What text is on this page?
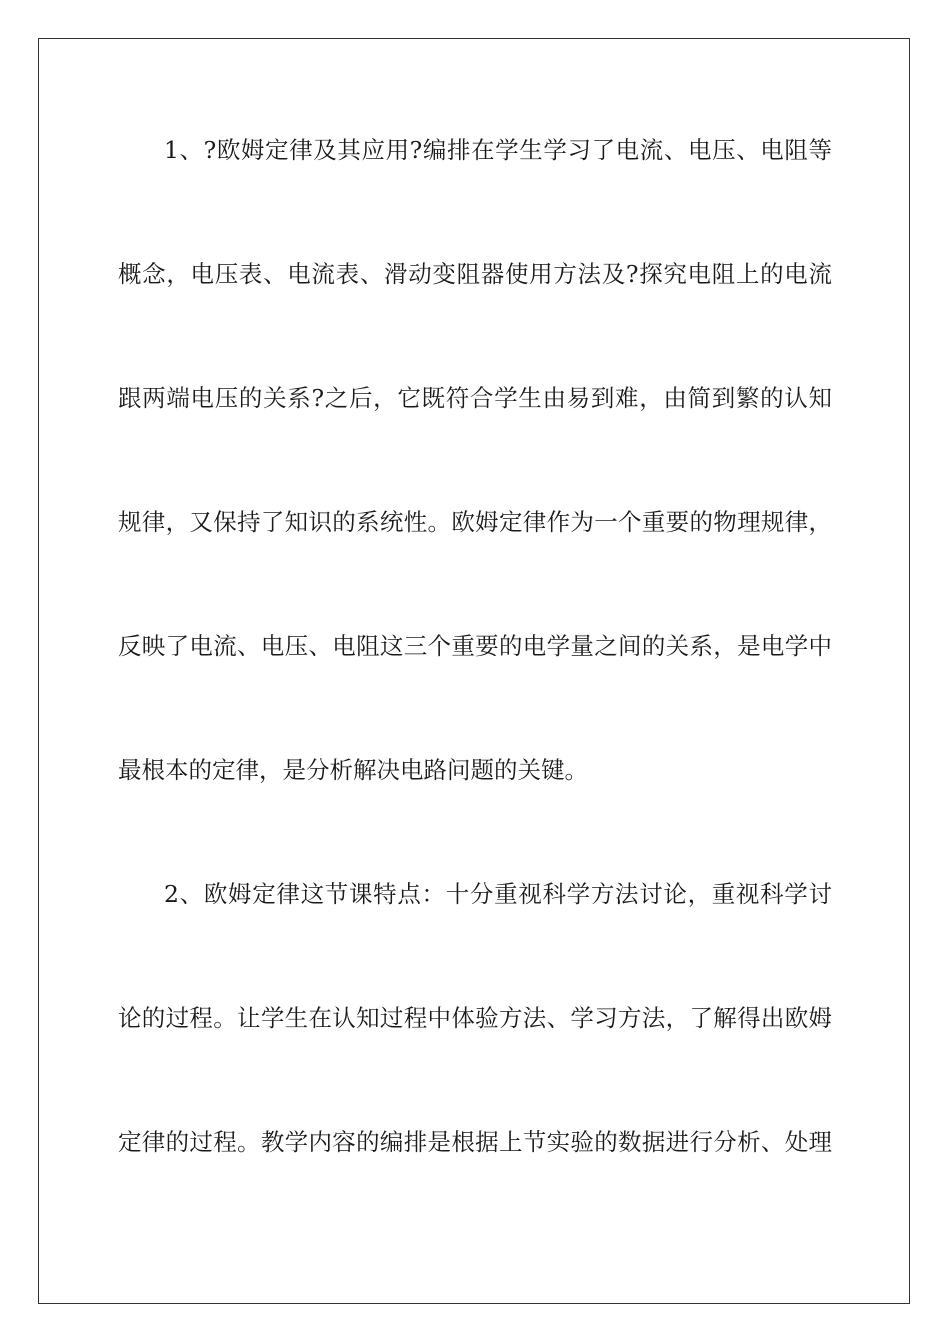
1、?欧姆定律及其应用?编排在学生学习了电流、电压、电阻等
概念，电压表、电流表、滑动变阻器使用方法及?探究电阻上的电流
跟两端电压的关系?之后，它既符合学生由易到难，由简到繁的认知
规律，又保持了知识的系统性。欧姆定律作为一个重要的物理规律，
反映了电流、电压、电阻这三个重要的电学量之间的关系，是电学中
最根本的定律，是分析解决电路问题的关键。
2、欧姆定律这节课特点：十分重视科学方法讨论，重视科学讨
论的过程。让学生在认知过程中体验方法、学习方法，了解得出欧姆
定律的过程。教学内容的编排是根据上节实验的数据进行分析、处理
